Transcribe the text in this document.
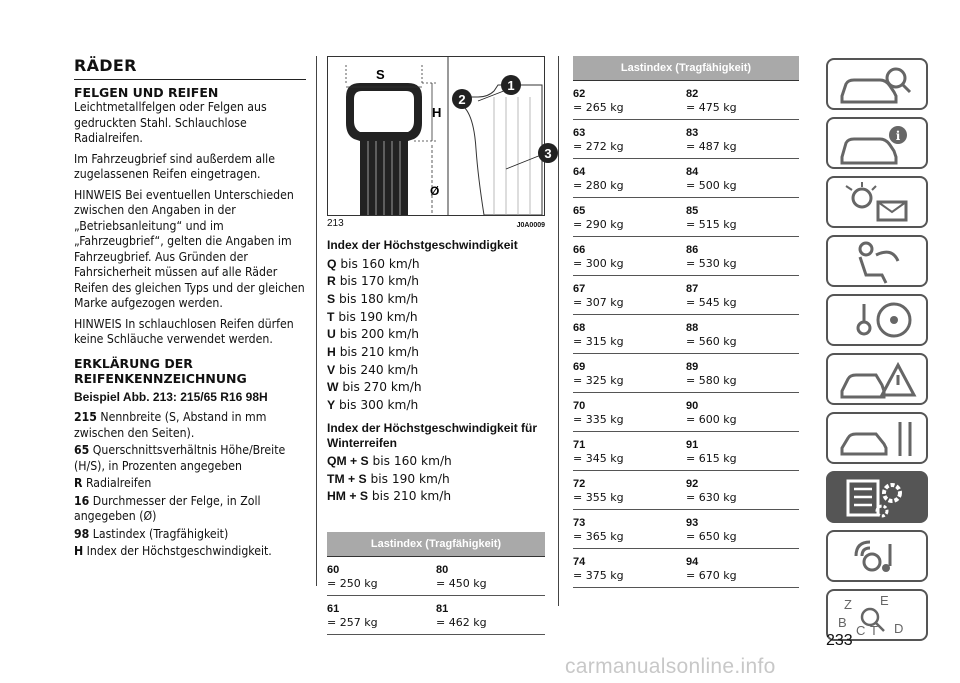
RÄDER
FELGEN UND REIFEN

Leichtmetallfelgen oder Felgen aus gedruckten Stahl. Schlauchlose Radialreifen.

Im Fahrzeugbrief sind außerdem alle zugelassenen Reifen eingetragen.

HINWEIS Bei eventuellen Unterschieden zwischen den Angaben in der „Betriebsanleitung“ und im „Fahrzeugbrief“, gelten die Angaben im Fahrzeugbrief. Aus Gründen der Fahrsicherheit müssen auf alle Räder Reifen des gleichen Typs und der gleichen Marke aufgezogen werden.

HINWEIS In schlauchlosen Reifen dürfen keine Schläuche verwendet werden.

ERKLÄRUNG DER REIFENKENNZEICHNUNG

Beispiel Abb. 213: 215/65 R16 98H

215 Nennbreite (S, Abstand in mm zwischen den Seiten).

65 Querschnittsverhältnis Höhe/Breite (H/S), in Prozenten angegeben

R Radialreifen

16 Durchmesser der Felge, in Zoll angegeben (Ø)

98 Lastindex (Tragfähigkeit)

H Index der Höchstgeschwindigkeit.

S
H
Ø
1
2
3
213	J0A0009
Index der Höchstgeschwindigkeit

Q bis 160 km/h

R bis 170 km/h

S bis 180 km/h

T bis 190 km/h

U bis 200 km/h

H bis 210 km/h

V bis 240 km/h

W bis 270 km/h

Y bis 300 km/h

Index der Höchstgeschwindigkeit für Winterreifen

QM + S bis 160 km/h

TM + S bis 190 km/h

HM + S bis 210 km/h

Lastindex (Tragfähigkeit)
60
= 250 kg
80
= 450 kg
61
= 257 kg
81
= 462 kg
Lastindex (Tragfähigkeit)
62
= 265 kg
82
= 475 kg
63
= 272 kg
83
= 487 kg
64
= 280 kg
84
= 500 kg
65
= 290 kg
85
= 515 kg
66
= 300 kg
86
= 530 kg
67
= 307 kg
87
= 545 kg
68
= 315 kg
88
= 560 kg
69
= 325 kg
89
= 580 kg
70
= 335 kg
90
= 600 kg
71
= 345 kg
91
= 615 kg
72
= 355 kg
92
= 630 kg
73
= 365 kg
93
= 650 kg
74
= 375 kg
94
= 670 kg
i
Z E
B
C T D
233
carmanualsonline.info
